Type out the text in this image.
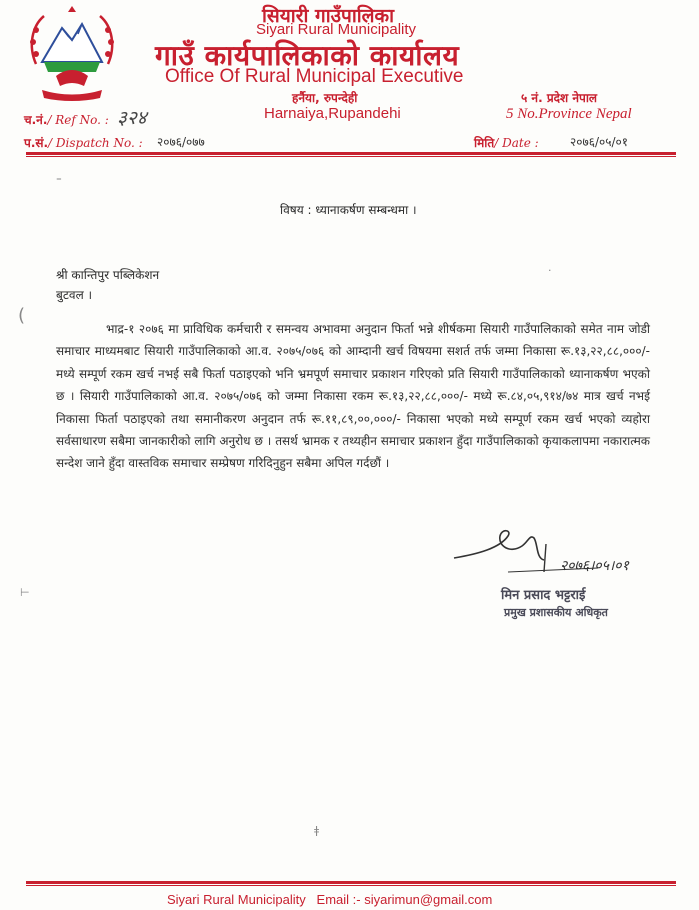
सियारी गाउँपालिका
Siyari Rural Municipality
गाउँ कार्यपालिकाको कार्यालय
Office Of Rural Municipal Executive
हर्नैया, रुपन्देही
Harnaiya,Rupandehi
५ नं. प्रदेश नेपाल
5 No.Province Nepal
च.नं./ Ref No. : ३२४
प.सं./ Dispatch No. : २०७६/०७७	मिति/ Date :	२०७६/०५/०१
⁼
(
⊢
ǂ
·
विषय : ध्यानाकर्षण सम्बन्धमा ।
श्री कान्तिपुर पब्लिकेशन
बुटवल ।
भाद्र-१ २०७६ मा प्राविधिक कर्मचारी र समन्वय अभावमा अनुदान फिर्ता भन्ने शीर्षकमा सियारी गाउँपालिकाको समेत नाम जोडी समाचार माध्यमबाट सियारी गाउँपालिकाको आ.व. २०७५/०७६ को आम्दानी खर्च विषयमा सशर्त तर्फ जम्मा निकासा रू.१३,२२,८८,०००/- मध्ये सम्पूर्ण रकम खर्च नभई सबै फिर्ता पठाइएको भनि भ्रमपूर्ण समाचार प्रकाशन गरिएको प्रति सियारी गाउँपालिकाको ध्यानाकर्षण भएको छ । सियारी गाउँपालिकाको आ.व. २०७५/०७६ को जम्मा निकासा रकम रू.१३,२२,८८,०००/- मध्ये रू.८४,०५,९१४/७४ मात्र खर्च नभई निकासा फिर्ता पठाइएको तथा समानीकरण अनुदान तर्फ रू.११,८९,००,०००/- निकासा भएको मध्ये सम्पूर्ण रकम खर्च भएको व्यहोरा सर्वसाधारण सबैमा जानकारीको लागि अनुरोध छ । तसर्थ भ्रामक र तथ्यहीन समाचार प्रकाशन हुँदा गाउँपालिकाको कृयाकलापमा नकारात्मक सन्देश जाने हुँदा वास्तविक समाचार सम्प्रेषण गरिदिनुहुन सबैमा अपिल गर्दछौं ।
२०७६।०५।०१
मिन प्रसाद भट्टराई
प्रमुख प्रशासकीय अधिकृत
Siyari Rural Municipality   Email :- siyarimun@gmail.com
